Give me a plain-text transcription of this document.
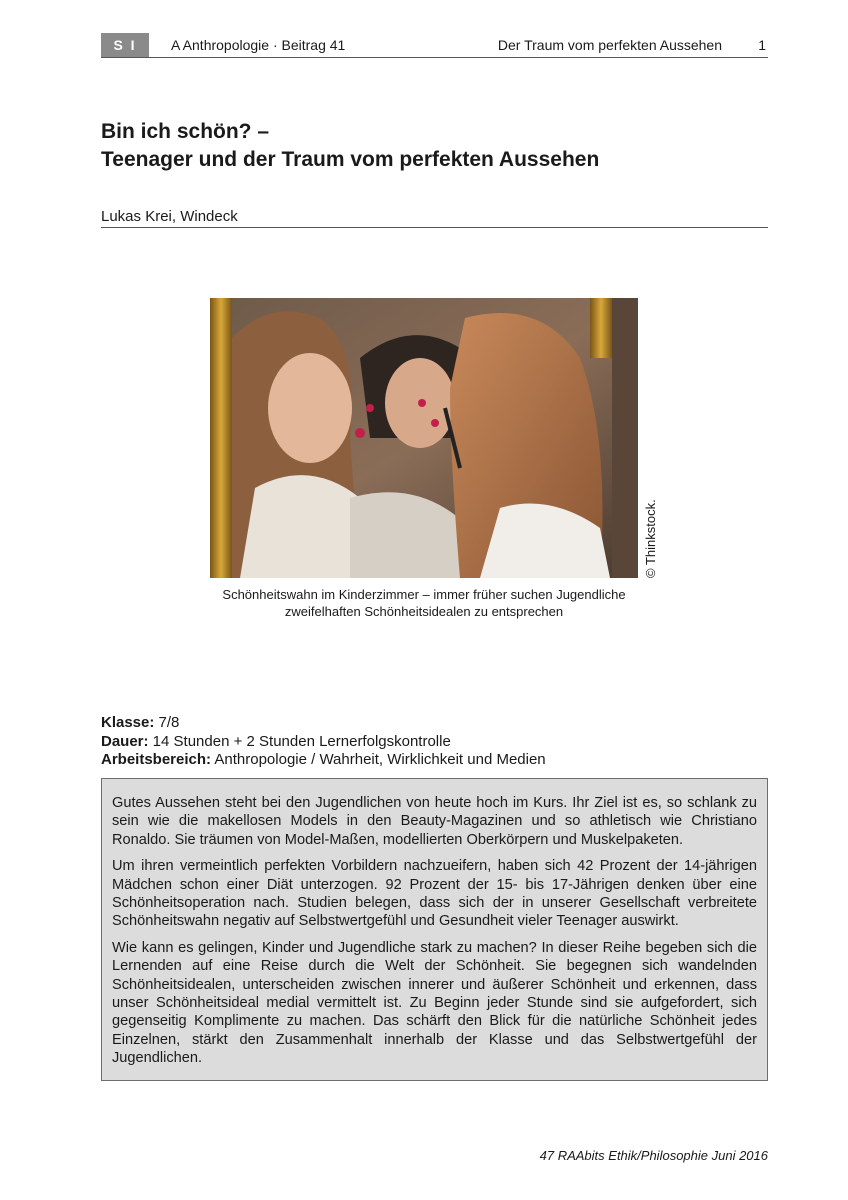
S I	A Anthropologie · Beitrag 41	Der Traum vom perfekten Aussehen	1
Bin ich schön? –
Teenager und der Traum vom perfekten Aussehen
Lukas Krei, Windeck
© Thinkstock.
Schönheitswahn im Kinderzimmer – immer früher suchen Jugendliche
zweifelhaften Schönheitsidealen zu entsprechen
Klasse: 7/8
Dauer: 14 Stunden + 2 Stunden Lernerfolgskontrolle
Arbeitsbereich: Anthropologie / Wahrheit, Wirklichkeit und Medien

Gutes Aussehen steht bei den Jugendlichen von heute hoch im Kurs. Ihr Ziel ist es, so schlank zu sein wie die makellosen Models in den Beauty-Magazinen und so athletisch wie Christiano Ronaldo. Sie träumen von Model-Maßen, modellierten Oberkörpern und Muskelpaketen.

Um ihren vermeintlich perfekten Vorbildern nachzueifern, haben sich 42 Prozent der 14-jährigen Mädchen schon einer Diät unterzogen. 92 Prozent der 15- bis 17-Jährigen denken über eine Schönheitsoperation nach. Studien belegen, dass sich der in unserer Gesellschaft verbreitete Schönheitswahn negativ auf Selbstwertgefühl und Gesundheit vieler Teenager auswirkt.

Wie kann es gelingen, Kinder und Jugendliche stark zu machen? In dieser Reihe begeben sich die Lernenden auf eine Reise durch die Welt der Schönheit. Sie begegnen sich wandelnden Schönheitsidealen, unterscheiden zwischen innerer und äußerer Schönheit und erkennen, dass unser Schönheitsideal medial vermittelt ist. Zu Beginn jeder Stunde sind sie aufgefordert, sich gegenseitig Komplimente zu machen. Das schärft den Blick für die natürliche Schönheit jedes Einzelnen, stärkt den Zusammenhalt innerhalb der Klasse und das Selbstwertgefühl der Jugendlichen.

47 RAAbits Ethik/Philosophie Juni 2016
